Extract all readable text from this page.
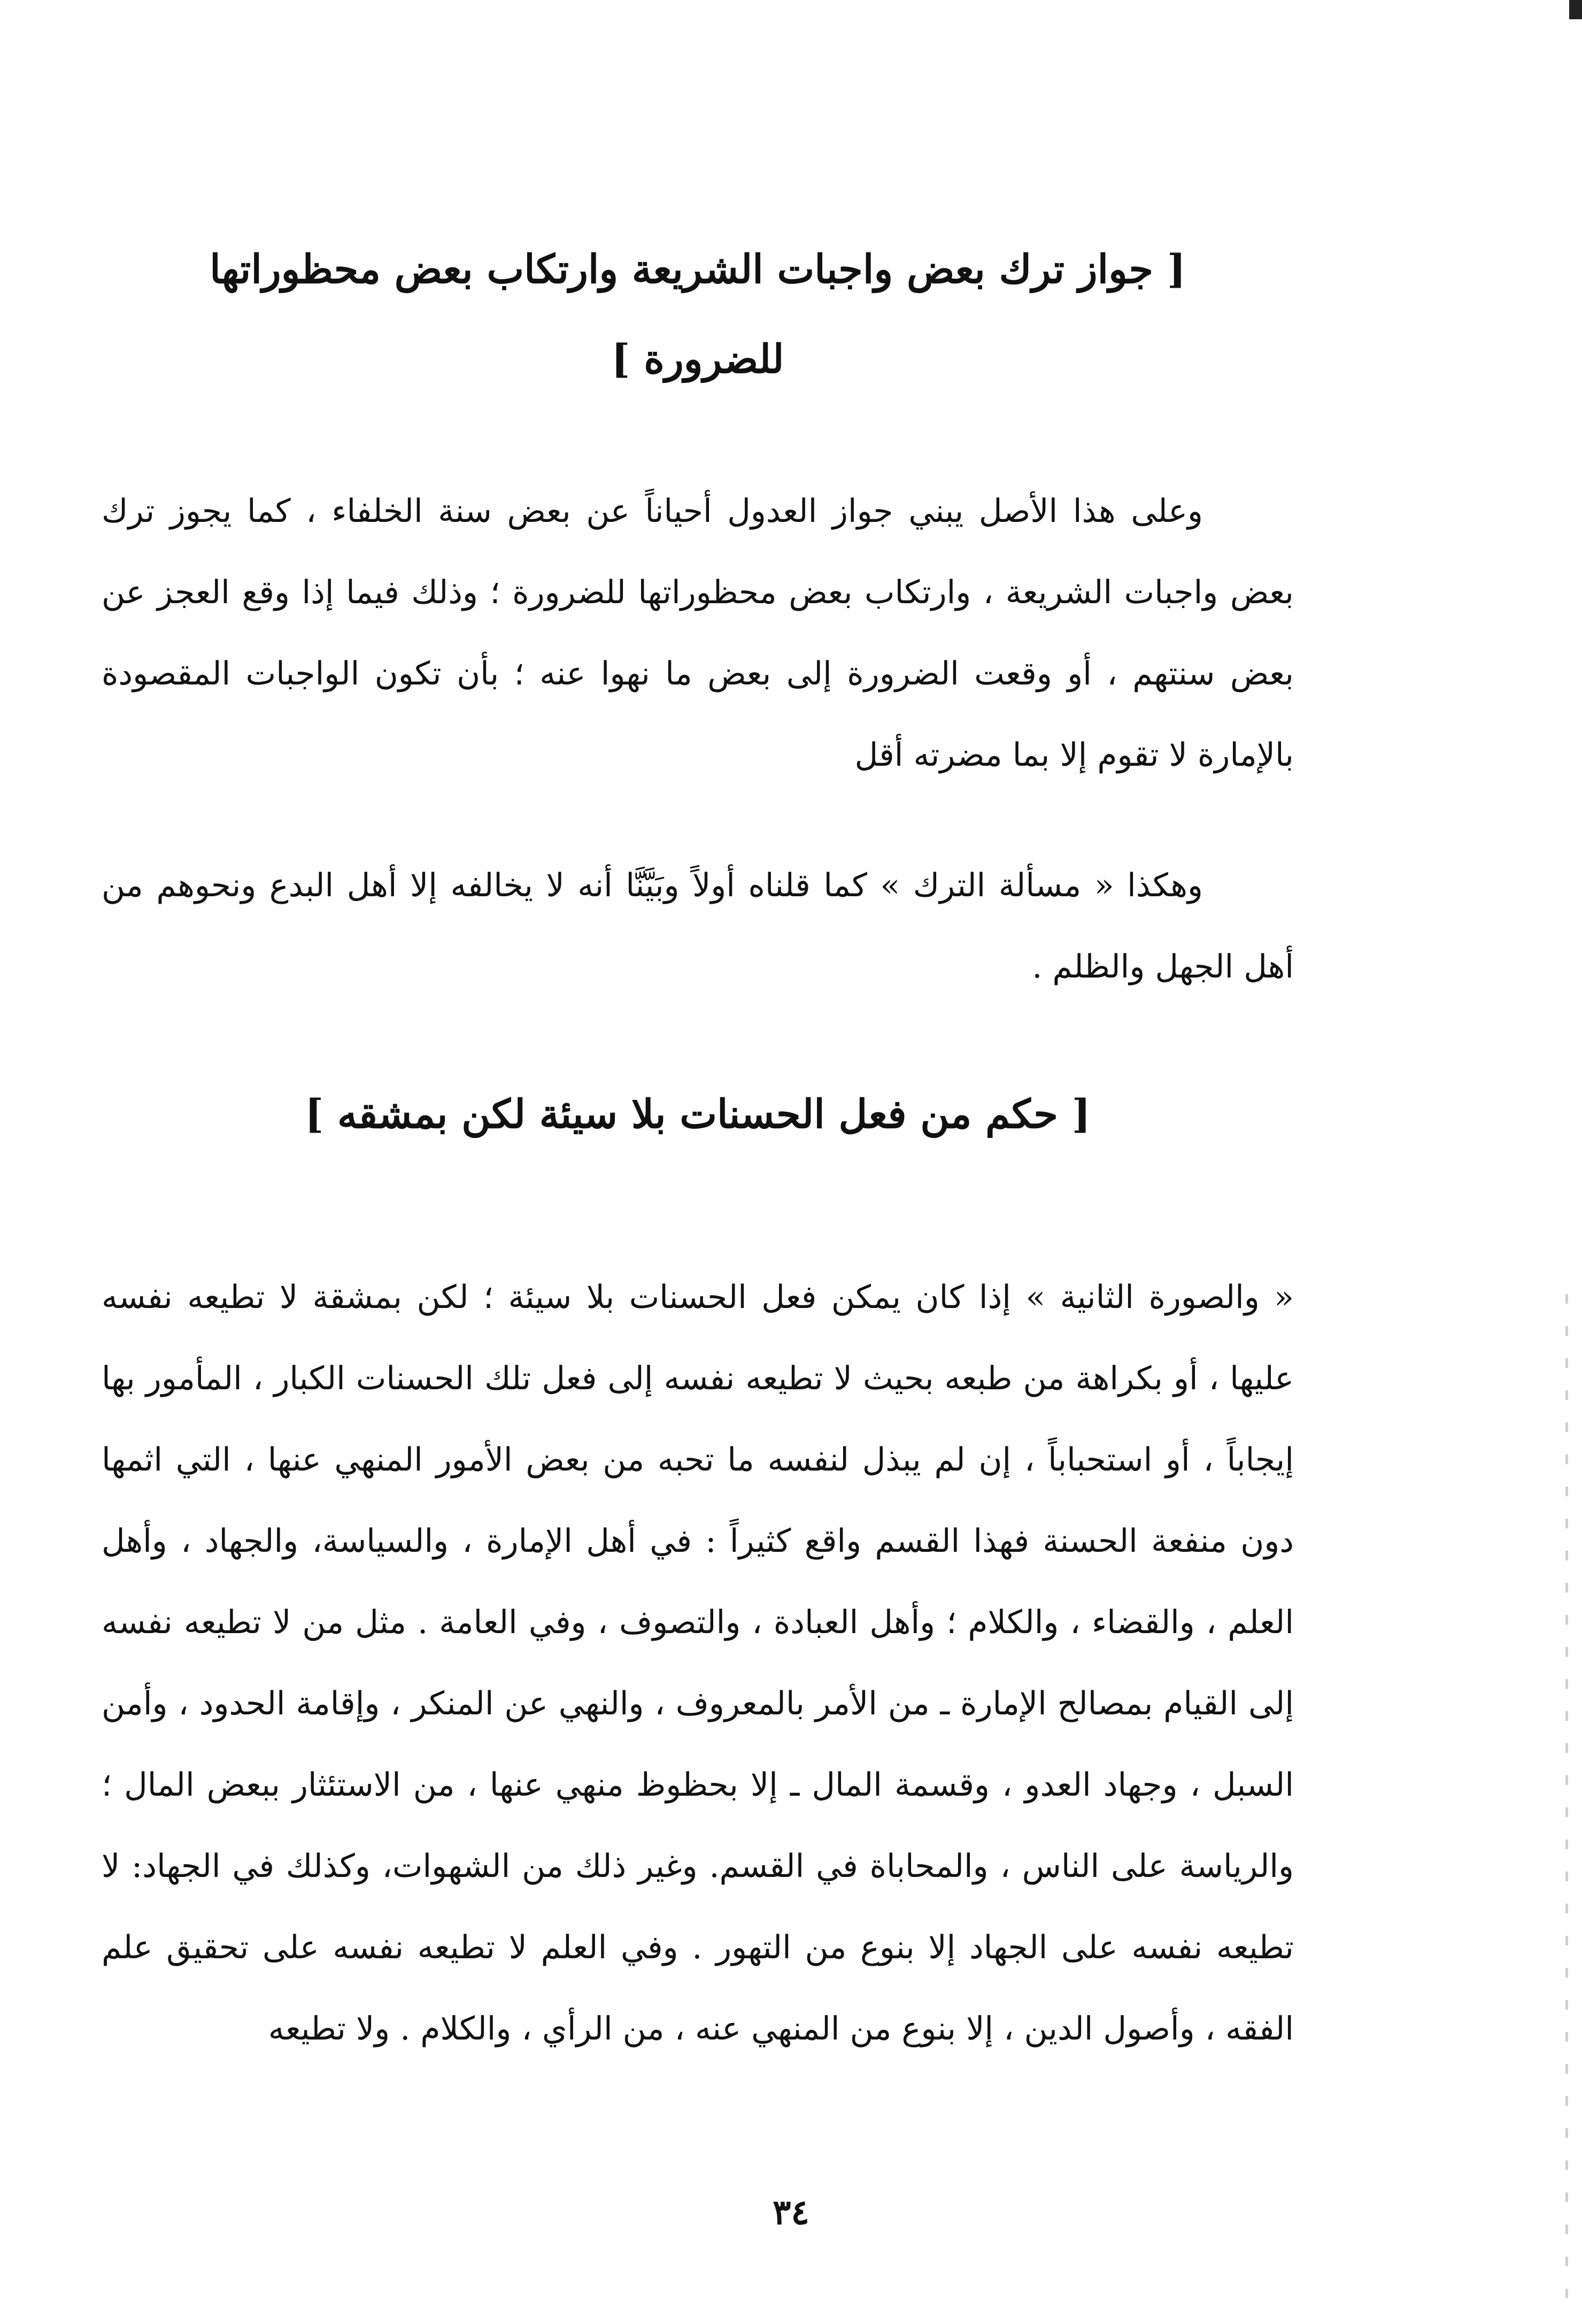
[ جواز ترك بعض واجبات الشريعة وارتكاب بعض محظوراتها
للضرورة ]

وعلى هذا الأصل يبني جواز العدول أحياناً عن بعض سنة الخلفاء ، كما يجوز ترك بعض واجبات الشريعة ، وارتكاب بعض محظوراتها للضرورة ؛ وذلك فيما إذا وقع العجز عن بعض سنتهم ، أو وقعت الضرورة إلى بعض ما نهوا عنه ؛ بأن تكون الواجبات المقصودة بالإمارة لا تقوم إلا بما مضرته أقل

وهكذا « مسألة الترك » كما قلناه أولاً وبَيَّنَّا أنه لا يخالفه إلا أهل البدع ونحوهم من أهل الجهل والظلم .

[ حكم من فعل الحسنات بلا سيئة لكن بمشقه ]

« والصورة الثانية » إذا كان يمكن فعل الحسنات بلا سيئة ؛ لكن بمشقة لا تطيعه نفسه عليها ، أو بكراهة من طبعه بحيث لا تطيعه نفسه إلى فعل تلك الحسنات الكبار ، المأمور بها إيجاباً ، أو استحباباً ، إن لم يبذل لنفسه ما تحبه من بعض الأمور المنهي عنها ، التي اثمها دون منفعة الحسنة فهذا القسم واقع كثيراً : في أهل الإمارة ، والسياسة، والجهاد ، وأهل العلم ، والقضاء ، والكلام ؛ وأهل العبادة ، والتصوف ، وفي العامة . مثل من لا تطيعه نفسه إلى القيام بمصالح الإمارة ـ من الأمر بالمعروف ، والنهي عن المنكر ، وإقامة الحدود ، وأمن السبل ، وجهاد العدو ، وقسمة المال ـ إلا بحظوظ منهي عنها ، من الاستئثار ببعض المال ؛ والرياسة على الناس ، والمحاباة في القسم. وغير ذلك من الشهوات، وكذلك في الجهاد: لا تطيعه نفسه على الجهاد إلا بنوع من التهور . وفي العلم لا تطيعه نفسه على تحقيق علم الفقه ، وأصول الدين ، إلا بنوع من المنهي عنه ، من الرأي ، والكلام . ولا تطيعه

٣٤
